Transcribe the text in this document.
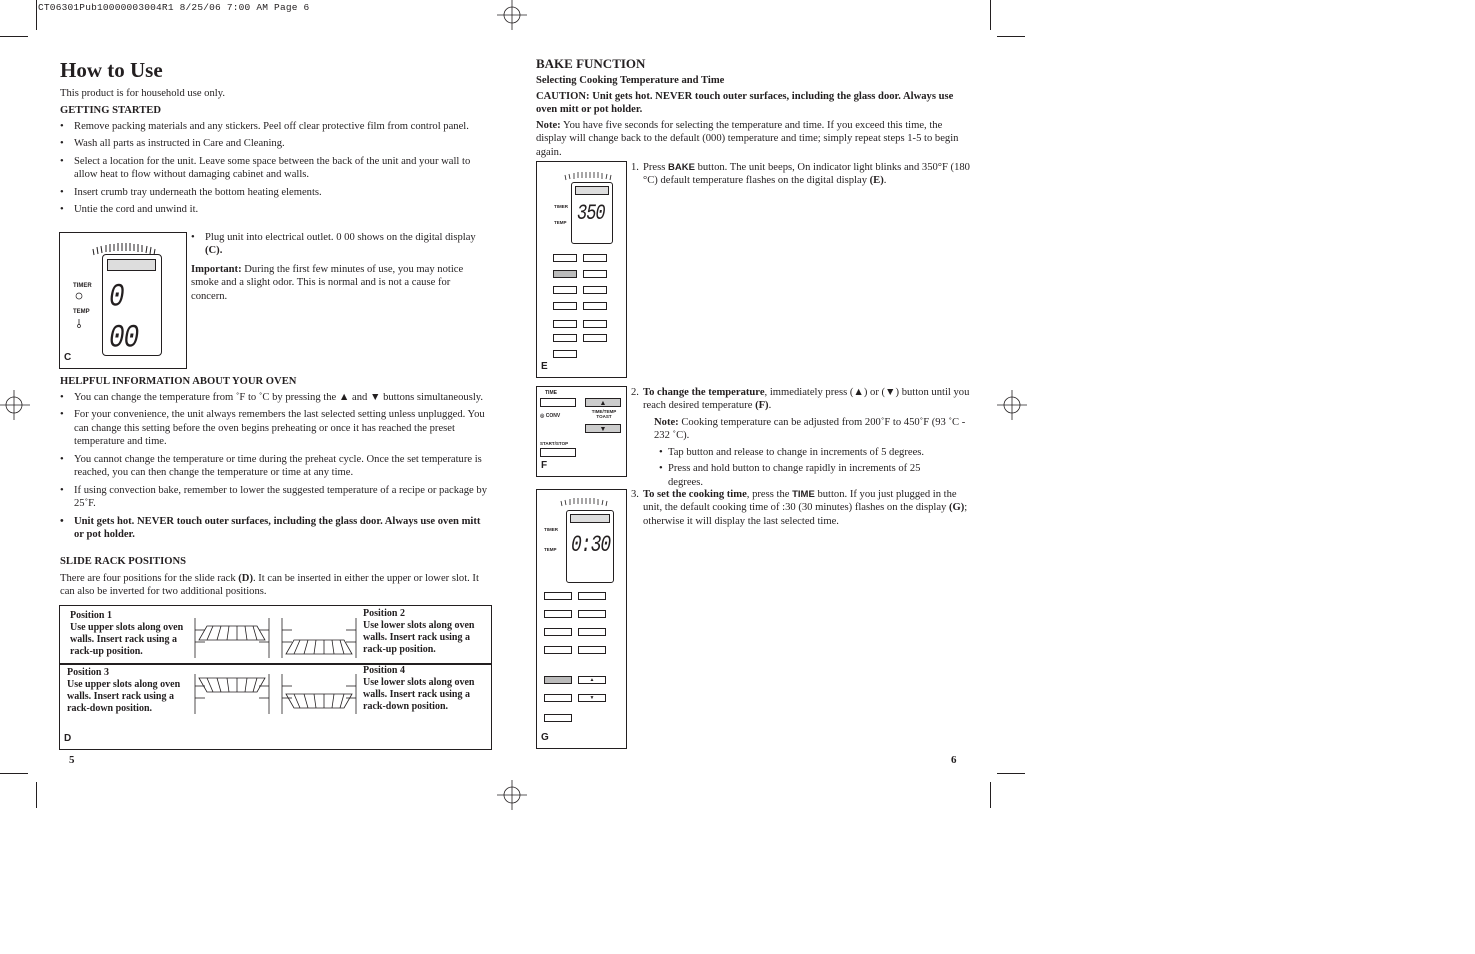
CT06301Pub10000003004R1 8/25/06 7:00 AM Page 6
How to Use
This product is for household use only.
GETTING STARTED
• Remove packing materials and any stickers. Peel off clear protective film from control panel.
• Wash all parts as instructed in Care and Cleaning.
• Select a location for the unit. Leave some space between the back of the unit and your wall to allow heat to flow without damaging cabinet and walls.
• Insert crumb tray underneath the bottom heating elements.
• Untie the cord and unwind it.
0 00
TIMER
TEMP
C
• Plug unit into electrical outlet. 0 00 shows on the digital display (C).
Important: During the first few minutes of use, you may notice smoke and a slight odor. This is normal and is not a cause for concern.
HELPFUL INFORMATION ABOUT YOUR OVEN
• You can change the temperature from ˚F to ˚C by pressing the ▲ and ▼ buttons simultaneously.
• For your convenience, the unit always remembers the last selected setting unless unplugged. You can change this setting before the oven begins preheating or once it has reached the preset temperature and time.
• You cannot change the temperature or time during the preheat cycle. Once the set temperature is reached, you can then change the temperature or time at any time.
• If using convection bake, remember to lower the suggested temperature of a recipe or package by 25˚F.
• Unit gets hot. NEVER touch outer surfaces, including the glass door. Always use oven mitt or pot holder.
SLIDE RACK POSITIONS
There are four positions for the slide rack (D). It can be inserted in either the upper or lower slot. It can also be inverted for two additional positions.
Position 1
Use upper slots along oven walls. Insert rack using a rack-up position.
Position 2
Use lower slots along oven walls. Insert rack using a rack-up position.
Position 3
Use upper slots along oven walls. Insert rack using a rack-down position.
Position 4
Use lower slots along oven walls. Insert rack using a rack-down position.
D
5
BAKE FUNCTION
Selecting Cooking Temperature and Time
CAUTION: Unit gets hot. NEVER touch outer surfaces, including the glass door. Always use oven mitt or pot holder.
Note: You have five seconds for selecting the temperature and time. If you exceed this time, the display will change back to the default (000) temperature and time; simply repeat steps 1-5 to begin again.
350
TIMER
TEMP
E
1. Press BAKE button. The unit beeps, On indicator light blinks and 350°F (180 °C) default temperature flashes on the digital display (E).
TIME
▲
◎ CONV
TIME/TEMP TOAST
▼
START/STOP
F
2. To change the temperature, immediately press (▲) or (▼) button until you reach desired temperature (F).
Note: Cooking temperature can be adjusted from 200˚F to 450˚F (93 ˚C - 232 ˚C).
• Tap button and release to change in increments of 5 degrees.
• Press and hold button to change rapidly in increments of 25 degrees.
0:30
TIMER
TEMP
▲
▼
G
3. To set the cooking time, press the TIME button. If you just plugged in the unit, the default cooking time of :30 (30 minutes) flashes on the display (G); otherwise it will display the last selected time.
6
